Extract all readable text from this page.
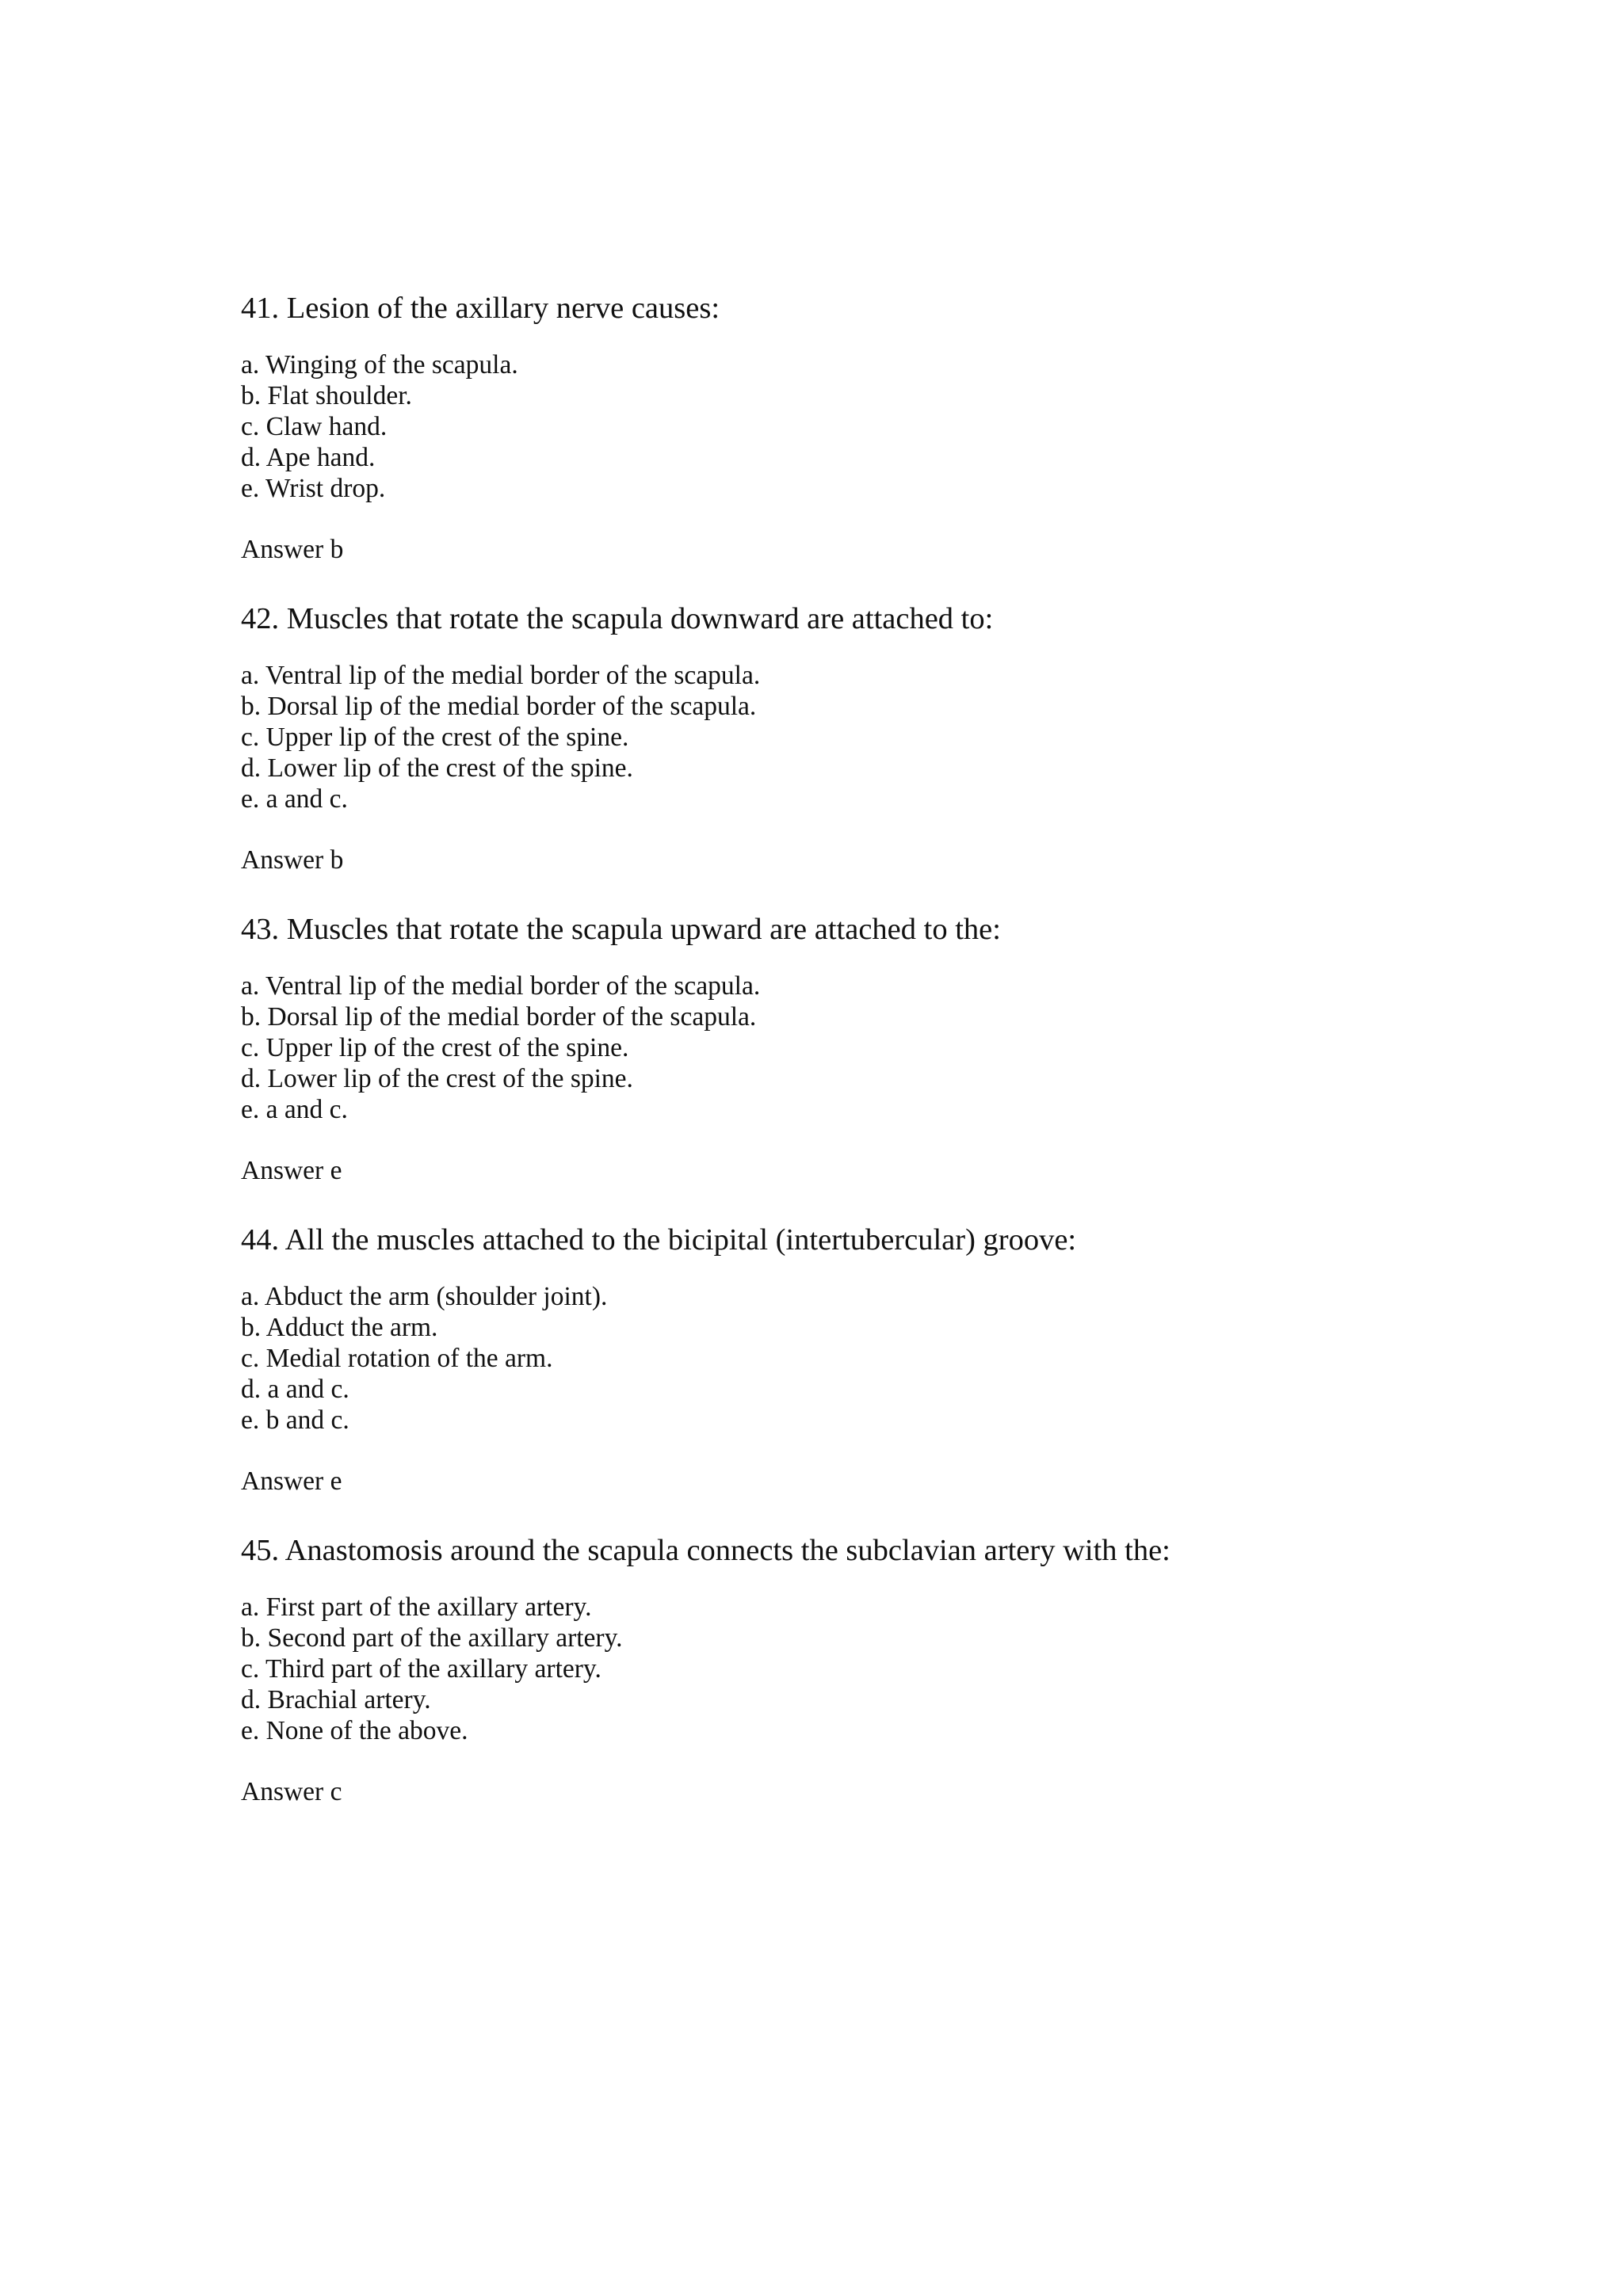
41. Lesion of the axillary nerve causes:

a. Winging of the scapula.
b. Flat shoulder.
c. Claw hand.
d. Ape hand.
e. Wrist drop.
Answer b

42. Muscles that rotate the scapula downward are attached to:

a. Ventral lip of the medial border of the scapula.
b. Dorsal lip of the medial border of the scapula.
c. Upper lip of the crest of the spine.
d. Lower lip of the crest of the spine.
e. a and c.
Answer b

43. Muscles that rotate the scapula upward are attached to the:

a. Ventral lip of the medial border of the scapula.
b. Dorsal lip of the medial border of the scapula.
c. Upper lip of the crest of the spine.
d. Lower lip of the crest of the spine.
e. a and c.
Answer e

44. All the muscles attached to the bicipital (intertubercular) groove:

a. Abduct the arm (shoulder joint).
b. Adduct the arm.
c. Medial rotation of the arm.
d. a and c.
e. b and c.
Answer e

45. Anastomosis around the scapula connects the subclavian artery with the:

a. First part of the axillary artery.
b. Second part of the axillary artery.
c. Third part of the axillary artery.
d. Brachial artery.
e. None of the above.
Answer c
